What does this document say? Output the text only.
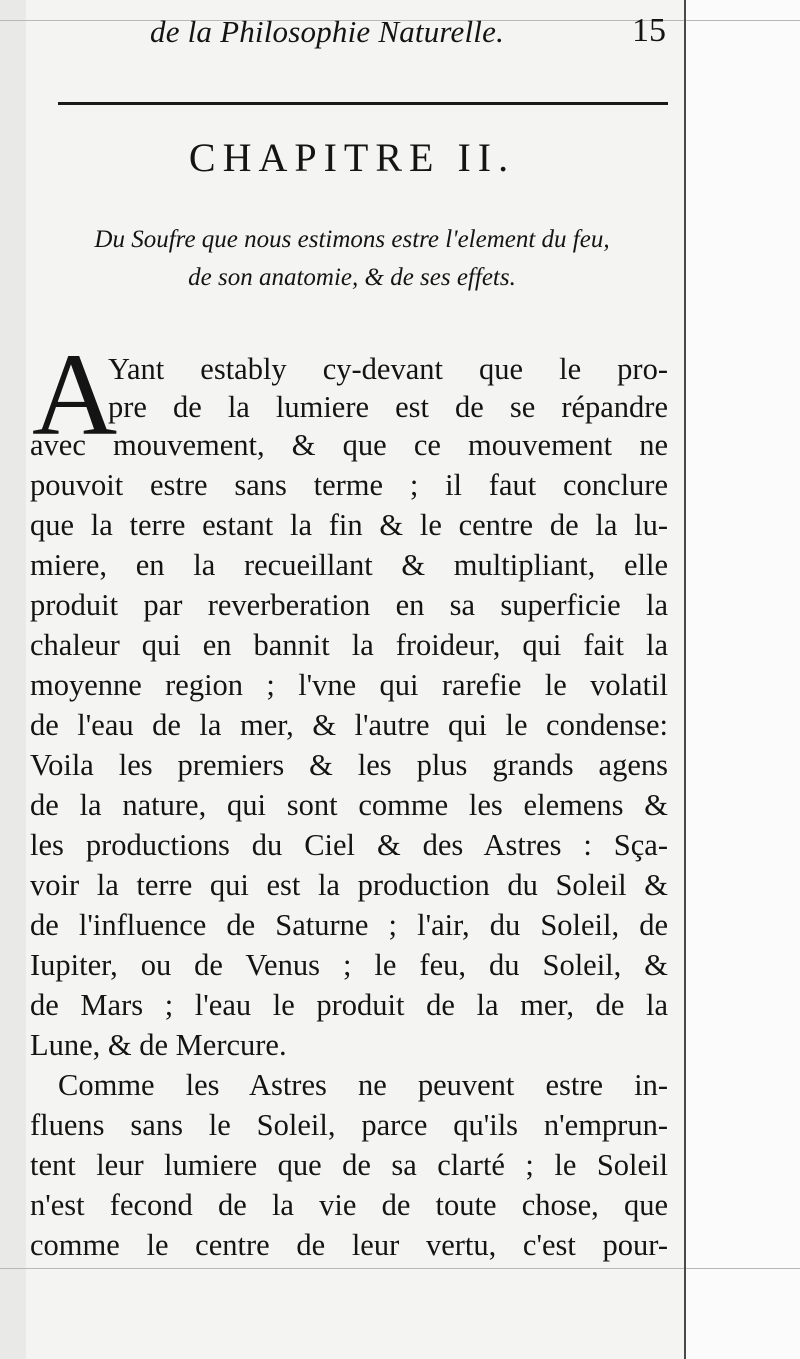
de la Philosophie Naturelle.	15
CHAPITRE II.
Du Soufre que nous estimons estre l'element du feu,
de son anatomie, & de ses effets.
A
Yant estably cy-devant que le pro-
pre de la lumiere est de se répandre
avec mouvement, & que ce mouvement ne
pouvoit estre sans terme ; il faut conclure
que la terre estant la fin & le centre de la lu-
miere, en la recueillant & multipliant, elle
produit par reverberation en sa superficie la
chaleur qui en bannit la froideur, qui fait la
moyenne region ; l'vne qui rarefie le volatil
de l'eau de la mer, & l'autre qui le condense:
Voila les premiers & les plus grands agens
de la nature, qui sont comme les elemens &
les productions du Ciel & des Astres : Sça-
voir la terre qui est la production du Soleil &
de l'influence de Saturne ; l'air, du Soleil, de
Iupiter, ou de Venus ; le feu, du Soleil, &
de Mars ; l'eau le produit de la mer, de la
Lune, & de Mercure.
Comme les Astres ne peuvent estre in-
fluens sans le Soleil, parce qu'ils n'emprun-
tent leur lumiere que de sa clarté ; le Soleil
n'est fecond de la vie de toute chose, que
comme le centre de leur vertu, c'est pour-
